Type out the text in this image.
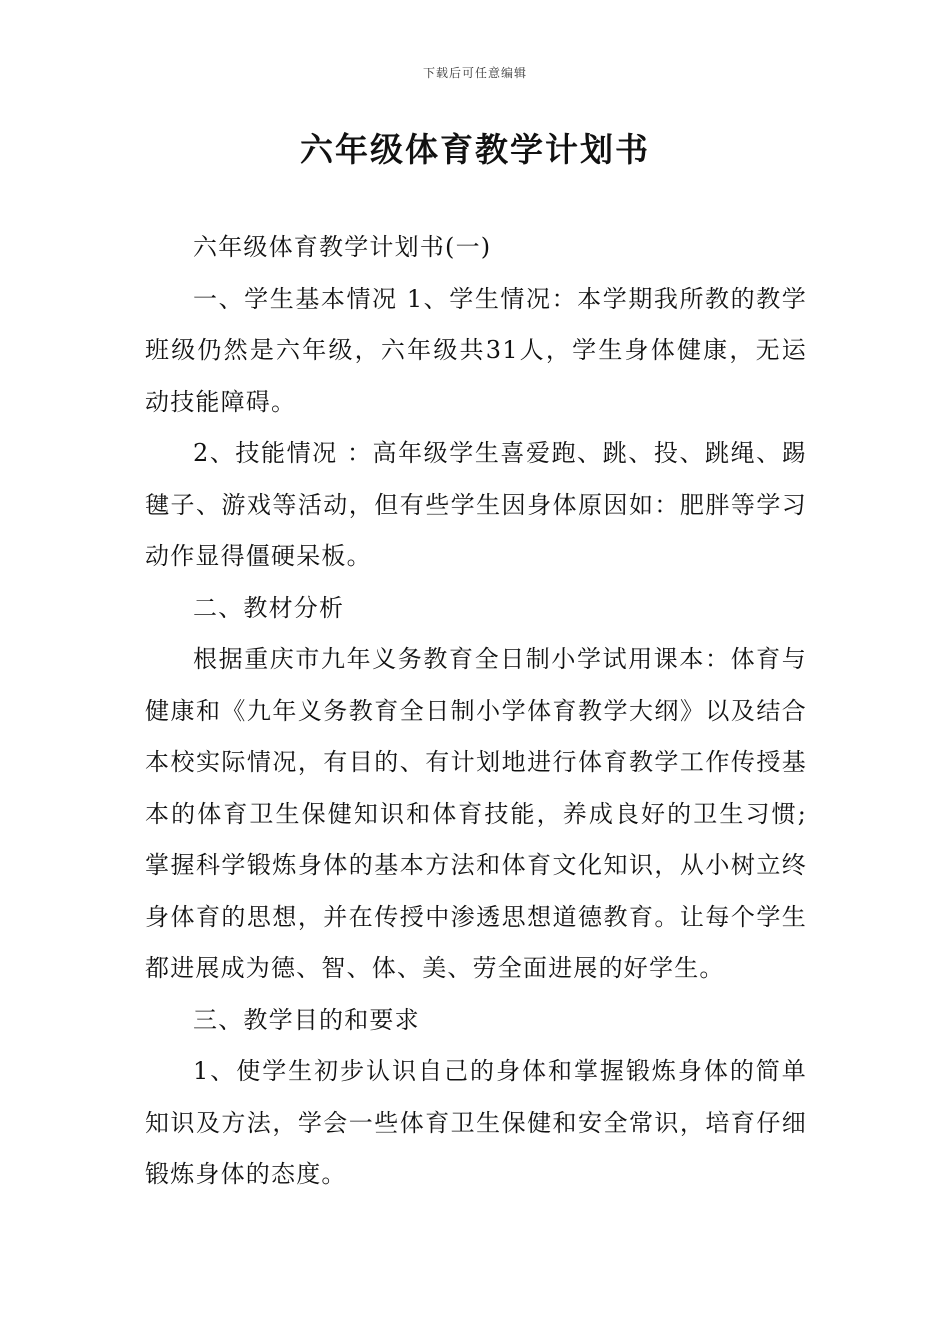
下载后可任意编辑
六年级体育教学计划书

六年级体育教学计划书(一)

一、学生基本情况 1、学生情况：本学期我所教的教学班级仍然是六年级，六年级共31人，学生身体健康，无运动技能障碍。

2、技能情况 ：高年级学生喜爱跑、跳、投、跳绳、踢毽子、游戏等活动，但有些学生因身体原因如：肥胖等学习动作显得僵硬呆板。

二、教材分析

根据重庆市九年义务教育全日制小学试用课本：体育与健康和《九年义务教育全日制小学体育教学大纲》以及结合本校实际情况，有目的、有计划地进行体育教学工作传授基本的体育卫生保健知识和体育技能，养成良好的卫生习惯;掌握科学锻炼身体的基本方法和体育文化知识，从小树立终身体育的思想，并在传授中渗透思想道德教育。让每个学生都进展成为德、智、体、美、劳全面进展的好学生。

三、教学目的和要求

1、使学生初步认识自己的身体和掌握锻炼身体的简单知识及方法，学会一些体育卫生保健和安全常识，培育仔细锻炼身体的态度。
